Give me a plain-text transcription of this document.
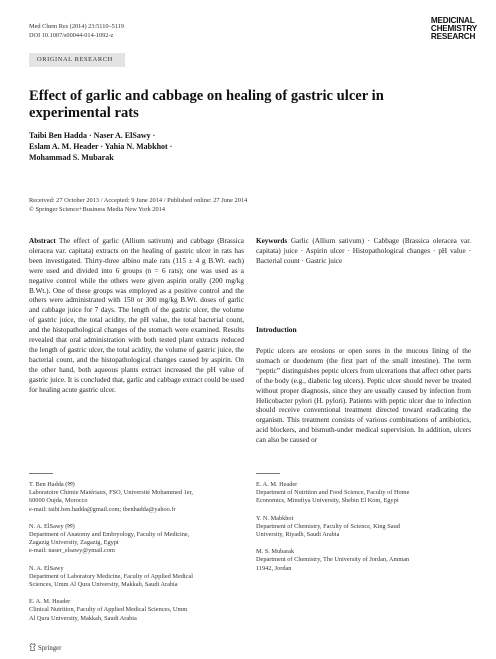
Med Chem Res (2014) 23:5110–5119
DOI 10.1007/s00044-014-1092-z
MEDICINAL
CHEMISTRY
RESEARCH
ORIGINAL RESEARCH
Effect of garlic and cabbage on healing of gastric ulcer in experimental rats
Taibi Ben Hadda · Naser A. ElSawy ·
Eslam A. M. Header · Yahia N. Mabkhot ·
Mohammad S. Mubarak
Received: 27 October 2013 / Accepted: 9 June 2014 / Published online: 27 June 2014
© Springer Science+Business Media New York 2014
Abstract The effect of garlic (Allium sativum) and cabbage (Brassica oleracea var. capitata) extracts on the healing of gastric ulcer in rats has been investigated. Thirty-three albino male rats (115 ± 4 g B.Wt. each) were used and divided into 6 groups (n = 6 rats); one was used as a negative control while the others were given aspirin orally (200 mg/kg B.Wt.). One of these groups was employed as a positive control and the others were administrated with 150 or 300 mg/kg B.Wt. doses of garlic and cabbage juice for 7 days. The length of the gastric ulcer, the volume of gastric juice, the total acidity, the pH value, the total bacterial count, and the histopathological changes of the stomach were examined. Results revealed that oral administration with both tested plant extracts reduced the length of gastric ulcer, the total acidity, the volume of gastric juice, the bacterial count, and the histopathological changes caused by aspirin. On the other hand, both aqueous plants extract increased the pH value of gastric juice. It is concluded that, garlic and cabbage extract could be used for healing acute gastric ulcer.
Keywords Garlic (Allium sativum) · Cabbage (Brassica oleracea var. capitata) juice · Aspirin ulcer · Histopathological changes · pH value · Bacterial count · Gastric juice
Introduction
Peptic ulcers are erosions or open sores in the mucous lining of the stomach or duodenum (the first part of the small intestine). The term “peptic” distinguishes peptic ulcers from ulcerations that affect other parts of the body (e.g., diabetic leg ulcers). Peptic ulcer should never be treated without proper diagnosis, since they are usually caused by infection from Helicobacter pylori (H. pylori). Patients with peptic ulcer due to infection should receive conventional treatment directed toward eradicating the organism. This treatment consists of various combinations of antibiotics, acid blockers, and bismuth-under medical supervision. In addition, ulcers can also be caused or
T. Ben Hadda (✉)
Laboratoire Chimie Matériaux, FSO, Université Mohammed 1er,
60000 Oujda, Morocco
e-mail: taibi.ben.hadda@gmail.com; tbenhadda@yahoo.fr
N. A. ElSawy (✉)
Department of Anatomy and Embryology, Faculty of Medicine,
Zagazig University, Zagazig, Egypt
e-mail: naser_elsawy@ymail.com
N. A. ElSawy
Department of Laboratory Medicine, Faculty of Applied Medical
Sciences, Umm Al Qura University, Makkah, Saudi Arabia
E. A. M. Header
Clinical Nutrition, Faculty of Applied Medical Sciences, Umm
Al Qura University, Makkah, Saudi Arabia
E. A. M. Header
Department of Nutrition and Food Science, Faculty of Home
Economics, Minufiya University, Shebin El Kom, Egypt
Y. N. Mabkhot
Department of Chemistry, Faculty of Science, King Saud
University, Riyadh, Saudi Arabia
M. S. Mubarak
Department of Chemistry, The University of Jordan, Amman
11942, Jordan
Springer
